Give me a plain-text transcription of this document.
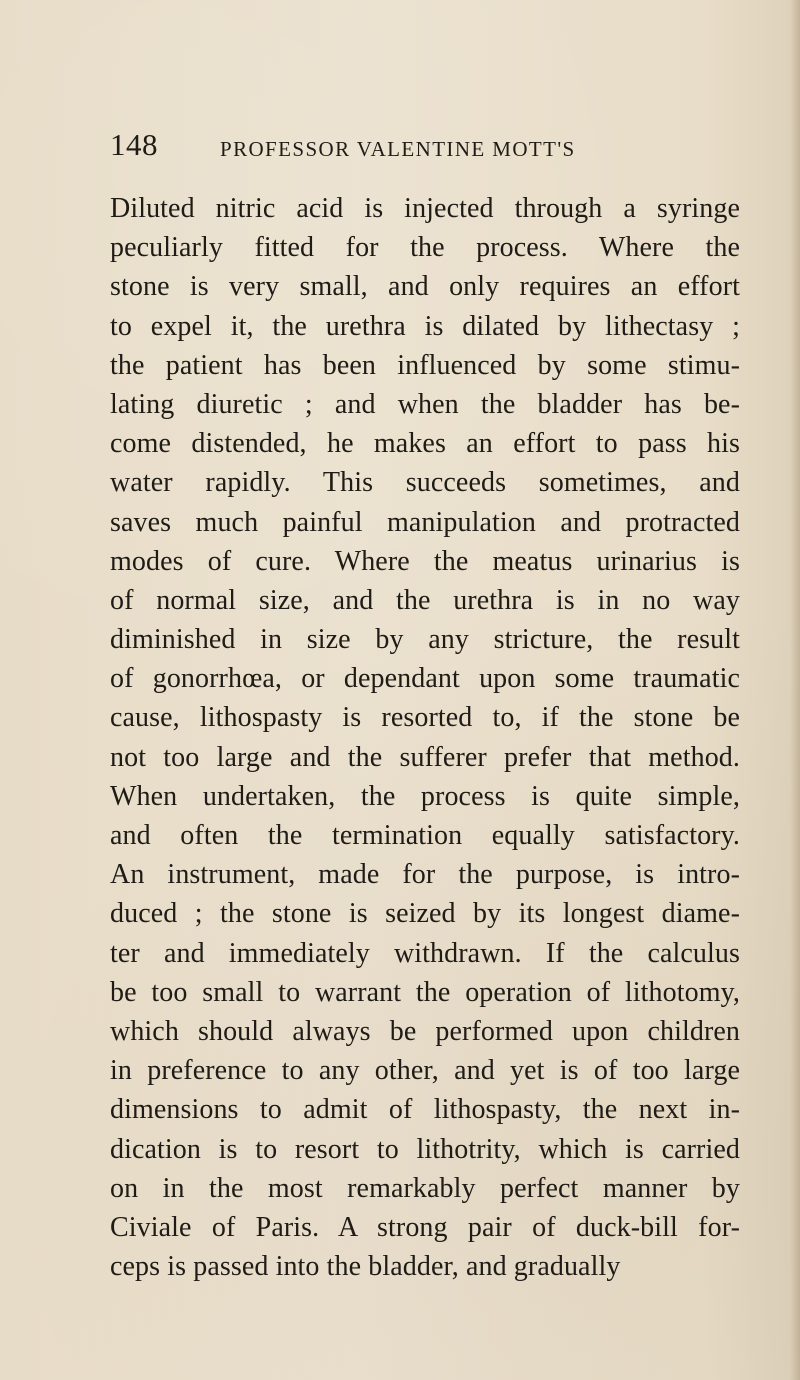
148	PROFESSOR VALENTINE MOTT'S
Diluted nitric acid is injected through a syringe
peculiarly fitted for the process. Where the
stone is very small, and only requires an effort
to expel it, the urethra is dilated by lithectasy ;
the patient has been influenced by some stimu-
lating diuretic ; and when the bladder has be-
come distended, he makes an effort to pass his
water rapidly. This succeeds sometimes, and
saves much painful manipulation and protracted
modes of cure. Where the meatus urinarius is
of normal size, and the urethra is in no way
diminished in size by any stricture, the result
of gonorrhœa, or dependant upon some traumatic
cause, lithospasty is resorted to, if the stone be
not too large and the sufferer prefer that method.
When undertaken, the process is quite simple,
and often the termination equally satisfactory.
An instrument, made for the purpose, is intro-
duced ; the stone is seized by its longest diame-
ter and immediately withdrawn. If the calculus
be too small to warrant the operation of lithotomy,
which should always be performed upon children
in preference to any other, and yet is of too large
dimensions to admit of lithospasty, the next in-
dication is to resort to lithotrity, which is carried
on in the most remarkably perfect manner by
Civiale of Paris. A strong pair of duck-bill for-
ceps is passed into the bladder, and gradually
